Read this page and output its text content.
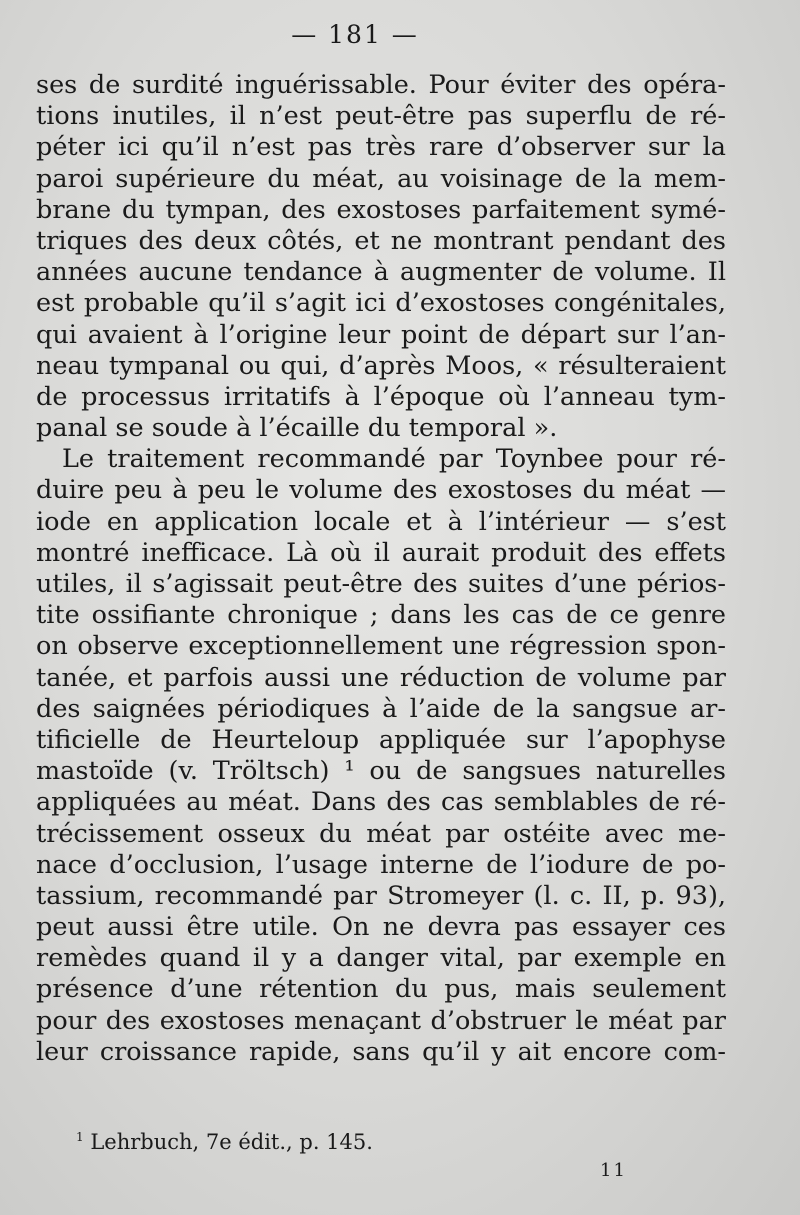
— 181 —
ses de surdité inguérissable. Pour éviter des opéra-
tions inutiles, il n’est peut-être pas superflu de ré-
péter ici qu’il n’est pas très rare d’observer sur la
paroi supérieure du méat, au voisinage de la mem-
brane du tympan, des exostoses parfaitement symé-
triques des deux côtés, et ne montrant pendant des
années aucune tendance à augmenter de volume. Il
est probable qu’il s’agit ici d’exostoses congénitales,
qui avaient à l’origine leur point de départ sur l’an-
neau tympanal ou qui, d’après Moos, « résulteraient
de processus irritatifs à l’époque où l’anneau tym-
panal se soude à l’écaille du temporal ».
Le traitement recommandé par Toynbee pour ré-
duire peu à peu le volume des exostoses du méat —
iode en application locale et à l’intérieur — s’est
montré inefficace. Là où il aurait produit des effets
utiles, il s’agissait peut-être des suites d’une périos-
tite ossifiante chronique ; dans les cas de ce genre
on observe exceptionnellement une régression spon-
tanée, et parfois aussi une réduction de volume par
des saignées périodiques à l’aide de la sangsue ar-
tificielle de Heurteloup appliquée sur l’apophyse
mastoïde (v. Tröltsch) ¹ ou de sangsues naturelles
appliquées au méat. Dans des cas semblables de ré-
trécissement osseux du méat par ostéite avec me-
nace d’occlusion, l’usage interne de l’iodure de po-
tassium, recommandé par Stromeyer (l. c. II, p. 93),
peut aussi être utile. On ne devra pas essayer ces
remèdes quand il y a danger vital, par exemple en
présence d’une rétention du pus, mais seulement
pour des exostoses menaçant d’obstruer le méat par
leur croissance rapide, sans qu’il y ait encore com-
$^1$ Lehrbuch, 7e édit., p. 145.
11
